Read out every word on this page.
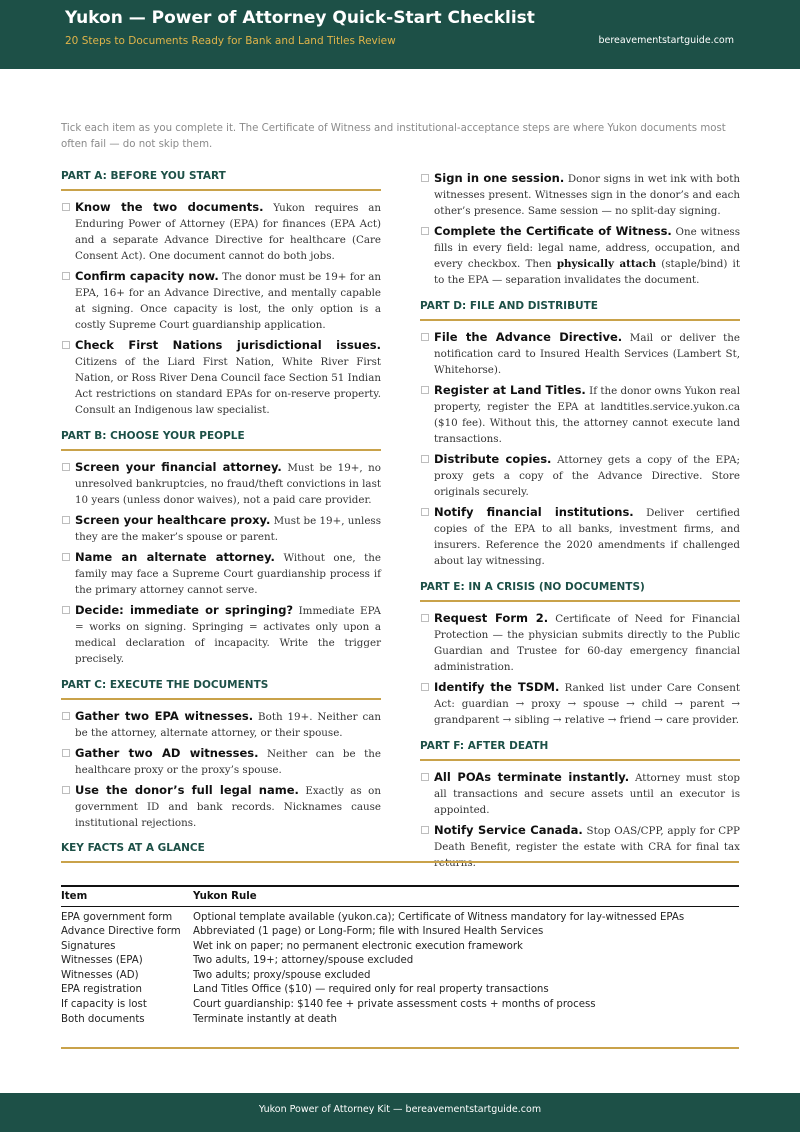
Yukon — Power of Attorney Quick-Start Checklist
20 Steps to Documents Ready for Bank and Land Titles Review	bereavementstartguide.com
Tick each item as you complete it. The Certificate of Witness and institutional-acceptance steps are where Yukon documents most often fail — do not skip them.
PART A: BEFORE YOU START
Know the two documents. Yukon requires an Enduring Power of Attorney (EPA) for finances (EPA Act) and a separate Advance Directive for healthcare (Care Consent Act). One document cannot do both jobs.
Confirm capacity now. The donor must be 19+ for an EPA, 16+ for an Advance Directive, and mentally capable at signing. Once capacity is lost, the only option is a costly Supreme Court guardianship application.
Check First Nations jurisdictional issues. Citizens of the Liard First Nation, White River First Nation, or Ross River Dena Council face Section 51 Indian Act restrictions on standard EPAs for on-reserve property. Consult an Indigenous law specialist.
PART B: CHOOSE YOUR PEOPLE
Screen your financial attorney. Must be 19+, no unresolved bankruptcies, no fraud/theft convictions in last 10 years (unless donor waives), not a paid care provider.
Screen your healthcare proxy. Must be 19+, unless they are the maker’s spouse or parent.
Name an alternate attorney. Without one, the family may face a Supreme Court guardianship process if the primary attorney cannot serve.
Decide: immediate or springing? Immediate EPA = works on signing. Springing = activates only upon a medical declaration of incapacity. Write the trigger precisely.
PART C: EXECUTE THE DOCUMENTS
Gather two EPA witnesses. Both 19+. Neither can be the attorney, alternate attorney, or their spouse.
Gather two AD witnesses. Neither can be the healthcare proxy or the proxy’s spouse.
Use the donor’s full legal name. Exactly as on government ID and bank records. Nicknames cause institutional rejections.
Sign in one session. Donor signs in wet ink with both witnesses present. Witnesses sign in the donor’s and each other’s presence. Same session — no split-day signing.
Complete the Certificate of Witness. One witness fills in every field: legal name, address, occupation, and every checkbox. Then physically attach (staple/bind) it to the EPA — separation invalidates the document.
PART D: FILE AND DISTRIBUTE
File the Advance Directive. Mail or deliver the notification card to Insured Health Services (Lambert St, Whitehorse).
Register at Land Titles. If the donor owns Yukon real property, register the EPA at landtitles.service.yukon.ca ($10 fee). Without this, the attorney cannot execute land transactions.
Distribute copies. Attorney gets a copy of the EPA; proxy gets a copy of the Advance Directive. Store originals securely.
Notify financial institutions. Deliver certified copies of the EPA to all banks, investment firms, and insurers. Reference the 2020 amendments if challenged about lay witnessing.
PART E: IN A CRISIS (NO DOCUMENTS)
Request Form 2. Certificate of Need for Financial Protection — the physician submits directly to the Public Guardian and Trustee for 60-day emergency financial administration.
Identify the TSDM. Ranked list under Care Consent Act: guardian → proxy → spouse → child → parent → grandparent → sibling → relative → friend → care provider.
PART F: AFTER DEATH
All POAs terminate instantly. Attorney must stop all transactions and secure assets until an executor is appointed.
Notify Service Canada. Stop OAS/CPP, apply for CPP Death Benefit, register the estate with CRA for final tax returns.
KEY FACTS AT A GLANCE
Item	Yukon Rule

EPA government form	Optional template available (yukon.ca); Certificate of Witness mandatory for lay-witnessed EPAs
Advance Directive form	Abbreviated (1 page) or Long-Form; file with Insured Health Services
Signatures	Wet ink on paper; no permanent electronic execution framework
Witnesses (EPA)	Two adults, 19+; attorney/spouse excluded
Witnesses (AD)	Two adults; proxy/spouse excluded
EPA registration	Land Titles Office ($10) — required only for real property transactions
If capacity is lost	Court guardianship: $140 fee + private assessment costs + months of process
Both documents	Terminate instantly at death
Yukon Power of Attorney Kit — bereavementstartguide.com
